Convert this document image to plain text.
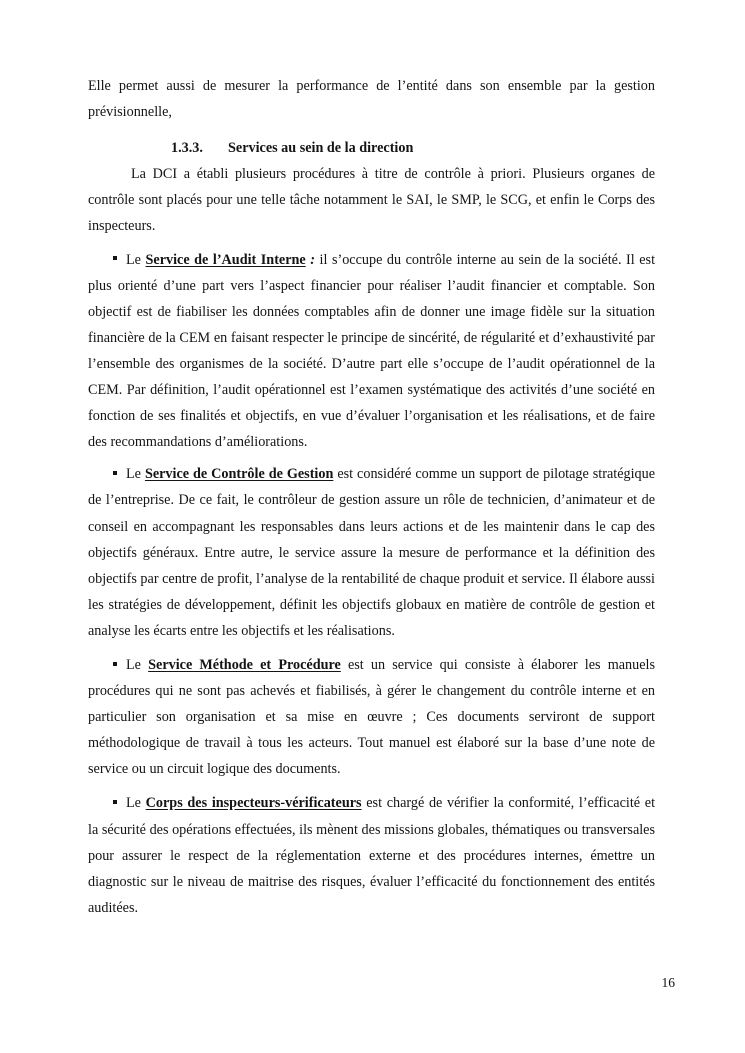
Elle permet aussi de mesurer la performance de l’entité dans son ensemble par la gestion prévisionnelle,

1.3.3. Services au sein de la direction

La DCI a établi plusieurs procédures à titre de contrôle à priori. Plusieurs organes de contrôle sont placés pour une telle tâche notamment le SAI, le SMP, le SCG, et enfin le Corps des inspecteurs.

Le Service de l’Audit Interne : il s’occupe du contrôle interne au sein de la société. Il est plus orienté d’une part vers l’aspect financier pour réaliser l’audit financier et comptable. Son objectif est de fiabiliser les données comptables afin de donner une image fidèle sur la situation financière de la CEM en faisant respecter le principe de sincérité, de régularité et d’exhaustivité par l’ensemble des organismes de la société. D’autre part elle s’occupe de l’audit opérationnel de la CEM. Par définition, l’audit opérationnel est l’examen systématique des activités d’une société en fonction de ses finalités et objectifs, en vue d’évaluer l’organisation et les réalisations, et de faire des recommandations d’améliorations.

Le Service de Contrôle de Gestion est considéré comme un support de pilotage stratégique de l’entreprise. De ce fait, le contrôleur de gestion assure un rôle de technicien, d’animateur et de conseil en accompagnant les responsables dans leurs actions et de les maintenir dans le cap des objectifs généraux. Entre autre, le service assure la mesure de performance et la définition des objectifs par centre de profit, l’analyse de la rentabilité de chaque produit et service. Il élabore aussi les stratégies de développement, définit les objectifs globaux en matière de contrôle de gestion et analyse les écarts entre les objectifs et les réalisations.

Le Service Méthode et Procédure est un service qui consiste à élaborer les manuels procédures qui ne sont pas achevés et fiabilisés, à gérer le changement du contrôle interne et en particulier son organisation et sa mise en œuvre ; Ces documents serviront de support méthodologique de travail à tous les acteurs. Tout manuel est élaboré sur la base d’une note de service ou un circuit logique des documents.

Le Corps des inspecteurs-vérificateurs est chargé de vérifier la conformité, l’efficacité et la sécurité des opérations effectuées, ils mènent des missions globales, thématiques ou transversales pour assurer le respect de la réglementation externe et des procédures internes, émettre un diagnostic sur le niveau de maitrise des risques, évaluer l’efficacité du fonctionnement des entités auditées.

16
